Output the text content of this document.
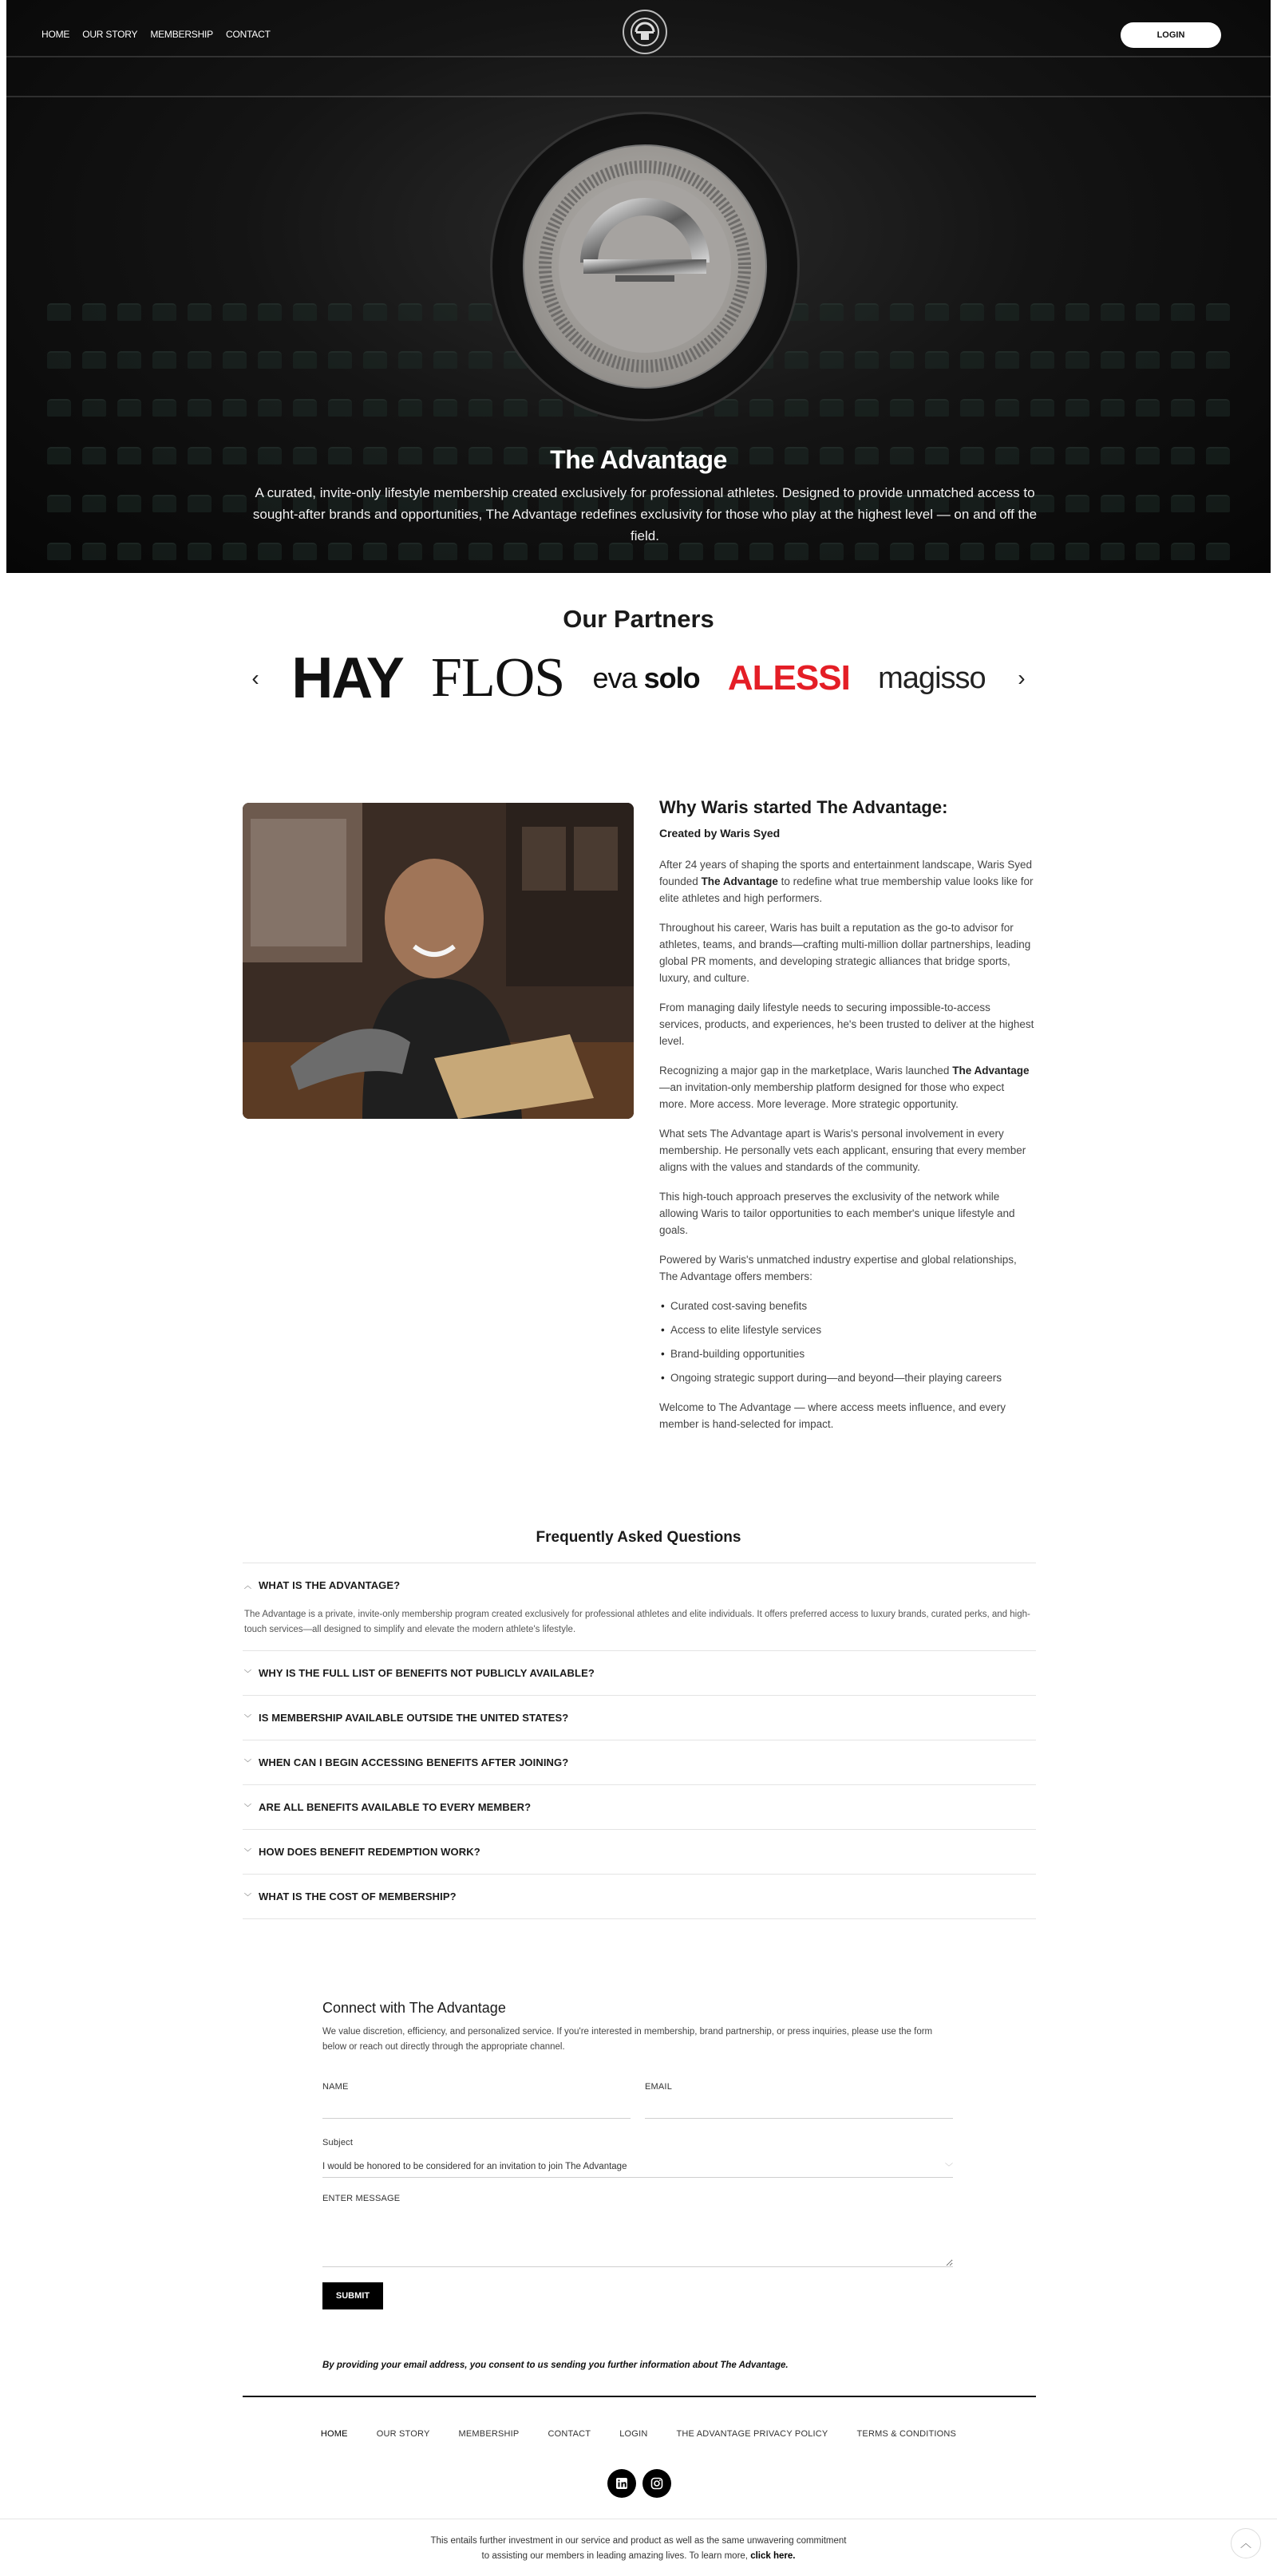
HOME OUR STORY MEMBERSHIP CONTACT	LOGIN
The Advantage

A curated, invite-only lifestyle membership created exclusively for professional athletes. Designed to provide unmatched access to sought-after brands and opportunities, The Advantage redefines exclusivity for those who play at the highest level — on and off the field.

Our Partners
‹ HAY FLOS eva solo ALESSI magisso ›
Why Waris started The Advantage:
Created by Waris Syed

After 24 years of shaping the sports and entertainment landscape, Waris Syed founded The Advantage to redefine what true membership value looks like for elite athletes and high performers.

Throughout his career, Waris has built a reputation as the go-to advisor for athletes, teams, and brands—crafting multi-million dollar partnerships, leading global PR moments, and developing strategic alliances that bridge sports, luxury, and culture.

From managing daily lifestyle needs to securing impossible-to-access services, products, and experiences, he's been trusted to deliver at the highest level.

Recognizing a major gap in the marketplace, Waris launched The Advantage—an invitation-only membership platform designed for those who expect more. More access. More leverage. More strategic opportunity.

What sets The Advantage apart is Waris's personal involvement in every membership. He personally vets each applicant, ensuring that every member aligns with the values and standards of the community.

This high-touch approach preserves the exclusivity of the network while allowing Waris to tailor opportunities to each member's unique lifestyle and goals.

Powered by Waris's unmatched industry expertise and global relationships, The Advantage offers members:

• Curated cost-saving benefits
• Access to elite lifestyle services
• Brand-building opportunities
• Ongoing strategic support during—and beyond—their playing careers

Welcome to The Advantage — where access meets influence, and every member is hand-selected for impact.

Frequently Asked Questions
︿ WHAT IS THE ADVANTAGE?
The Advantage is a private, invite-only membership program created exclusively for professional athletes and elite individuals. It offers preferred access to luxury brands, curated perks, and high-touch services—all designed to simplify and elevate the modern athlete's lifestyle.
﹀ WHY IS THE FULL LIST OF BENEFITS NOT PUBLICLY AVAILABLE?
﹀ IS MEMBERSHIP AVAILABLE OUTSIDE THE UNITED STATES?
﹀ WHEN CAN I BEGIN ACCESSING BENEFITS AFTER JOINING?
﹀ ARE ALL BENEFITS AVAILABLE TO EVERY MEMBER?
﹀ HOW DOES BENEFIT REDEMPTION WORK?
﹀ WHAT IS THE COST OF MEMBERSHIP?
Connect with The Advantage

We value discretion, efficiency, and personalized service. If you're interested in membership, brand partnership, or press inquiries, please use the form below or reach out directly through the appropriate channel.

NAME	EMAIL
Subject
I would be honored to be considered for an invitation to join The Advantage	﹀
ENTER MESSAGE
SUBMIT

By providing your email address, you consent to us sending you further information about The Advantage.

HOME	OUR STORY	MEMBERSHIP	CONTACT	LOGIN	THE ADVANTAGE PRIVACY POLICY	TERMS & CONDITIONS
This entails further investment in our service and product as well as the same unwavering commitment
to assisting our members in leading amazing lives. To learn more, click here.
︿
